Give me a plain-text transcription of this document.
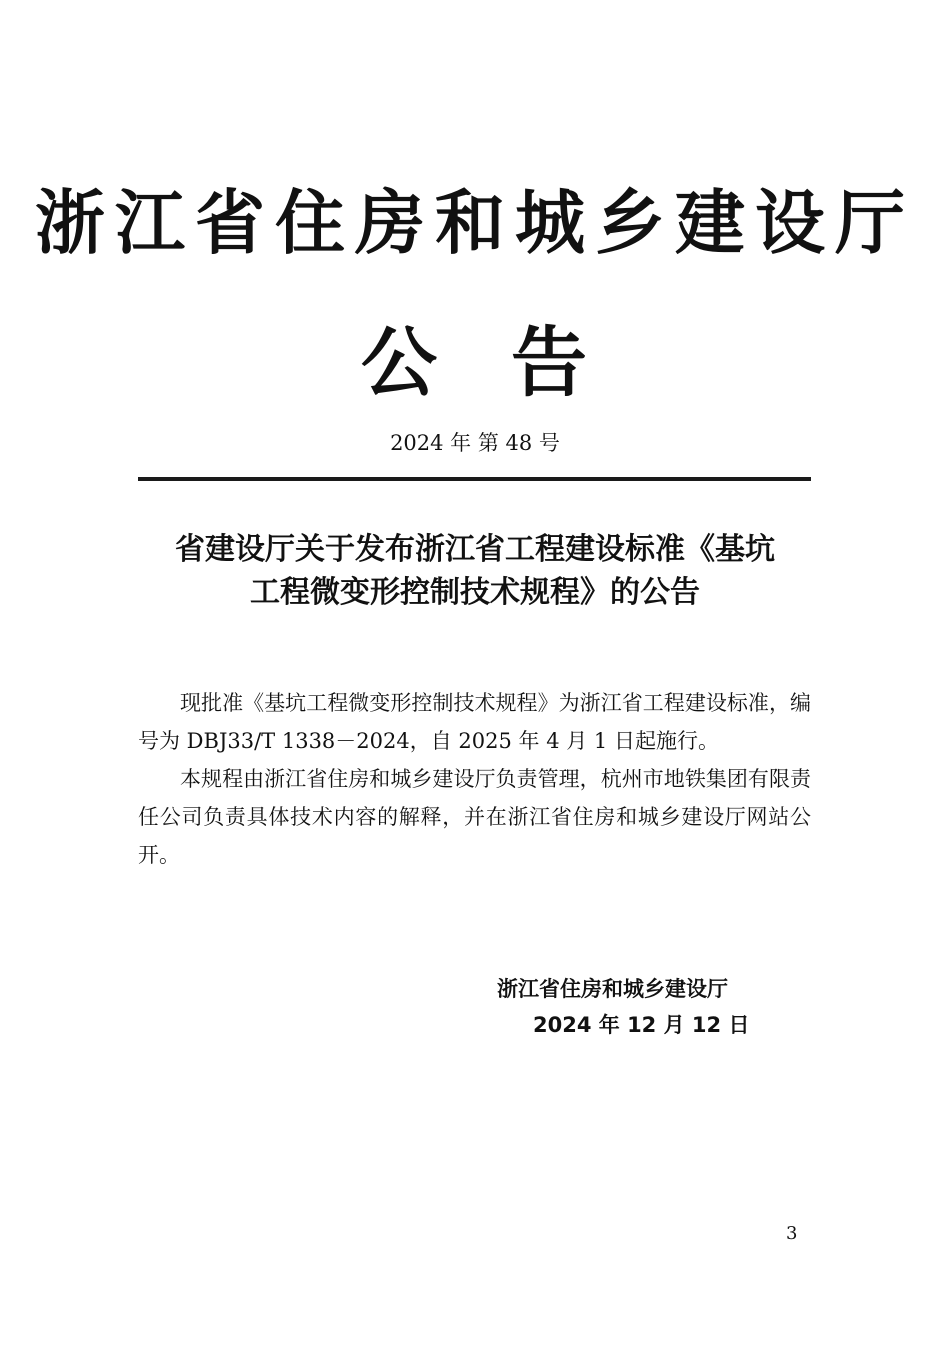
浙江省住房和城乡建设厅
公 告
2024 年 第 48 号
省建设厅关于发布浙江省工程建设标准《基坑
工程微变形控制技术规程》的公告

现批准《基坑工程微变形控制技术规程》为浙江省工程建设标准，编号为 DBJ33/T 1338－2024，自 2025 年 4 月 1 日起施行。

本规程由浙江省住房和城乡建设厅负责管理，杭州市地铁集团有限责任公司负责具体技术内容的解释，并在浙江省住房和城乡建设厅网站公开。

浙江省住房和城乡建设厅
2024 年 12 月 12 日
3
